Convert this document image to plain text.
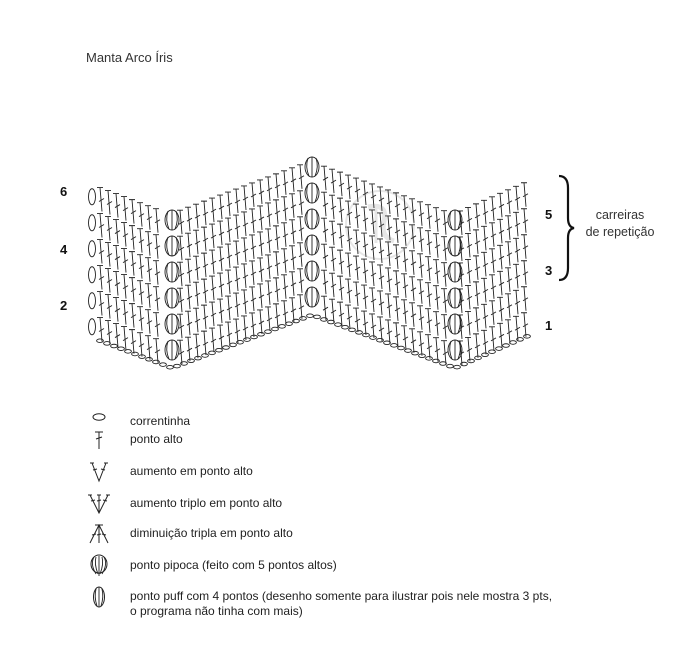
Manta Arco Íris
6
4
2
5
3
1
carreiras
de repetição
correntinha
ponto alto
aumento em ponto alto
aumento triplo em ponto alto
diminuição tripla em ponto alto
ponto pipoca (feito com 5 pontos altos)
ponto puff com 4 pontos (desenho somente para ilustrar pois nele mostra 3 pts,
o programa não tinha com mais)
